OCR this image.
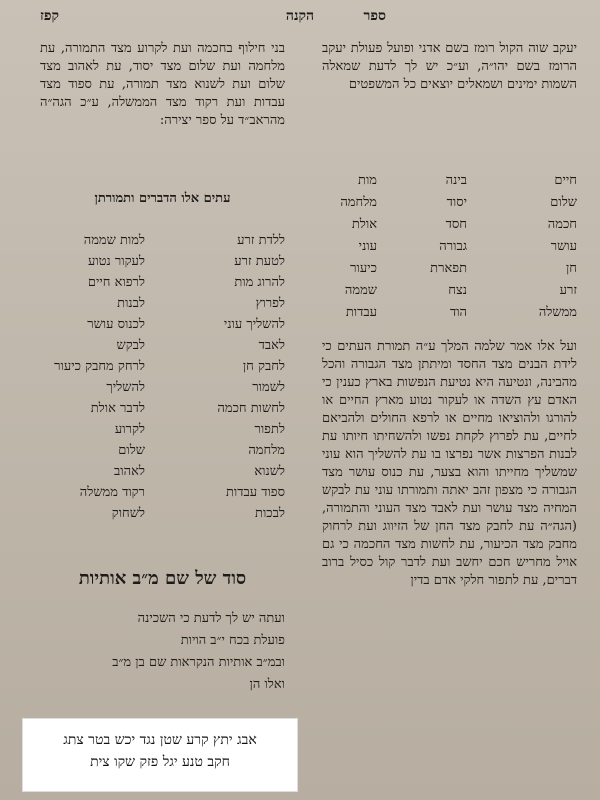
קפז	הקנה	ספר
יעקב שוה הקול רומז בשם אדני ופועל פעולת יעקב הרומז בשם יהו״ה, וע״כ יש לך לדעת שמאלה השמות ימינים ושמאלים יוצאים כל המשפטים
חיים
בינה
מות
שלום
יסוד
מלחמה
חכמה
חסד
אולת
עושר
גבורה
עוני
חן
תפארת
כיעור
זרע
נצח
שממה
ממשלה
הוד
עבדות
ועל אלו אמר שלמה המלך ע״ה תמורת העתים כי לידת הבנים מצד החסד ומיתתן מצד הגבורה והכל מהבינה, ונטיעה היא נטיעת הנפשות בארץ כענין כי האדם עץ השדה או לעקור נטוע מארץ החיים או להורגו ולהוציאו מחיים או לרפא החולים ולהביאם לחיים, עת לפרוץ לקחת נפשו ולהשחיתו חיותו עת לבנות הפרצות אשר נפרצו בו עת להשליך הוא עוני שמשליך מחייתו והוא בצער, עת כנוס עושר מצד הגבורה כי מצפון זהב יאתה ותמורתו עוני עת לבקש המחיה מצד עושר ועת לאבד מצד העוני והתמורה, (הגה״ה עת לחבק מצד החן של הזיווג ועת לרחוק מחבק מצד הכיעור, עת לחשות מצד החכמה כי גם אויל מחריש חכם יחשב ועת לדבר קול כסיל ברוב דברים, עת לתפור חלקי אדם בדין
בני חילוף בחכמה ועת לקרוע מצד התמורה, עת מלחמה ועת שלום מצד יסוד, עת לאהוב מצד שלום ועת לשנוא מצד תמורה, עת ספוד מצד עבדות ועת רקוד מצד הממשלה, ע״כ הגה״ה מהראב״ד על ספר יצירה:
עתים אלו הדברים ותמורתן
ללדת זרע
למות שממה
לטעת זרע
לעקור נטוע
להרוג מות
לרפוא חיים
לפרוץ
לבנות
להשליך עוני
לכנוס עושר
לאבד
לבקש
לחבק חן
לרחק מחבק כיעור
לשמור
להשליך
לחשות חכמה
לדבר אולת
לתפור
לקרוע
מלחמה
שלום
לשנוא
לאהוב
ספוד עבדות
רקוד ממשלה
לבכות
לשחוק
סוד של שם מ״ב אותיות
ועתה יש לך לדעת כי השכינה
פועלת בכח י״ב הויות
ובמ״ב אותיות הנקראות שם בן מ״ב
ואלו הן
אבג יתץ קרע שטן נגד יכש בטר צתג
חקב טנע יגל פזק שקו צית
